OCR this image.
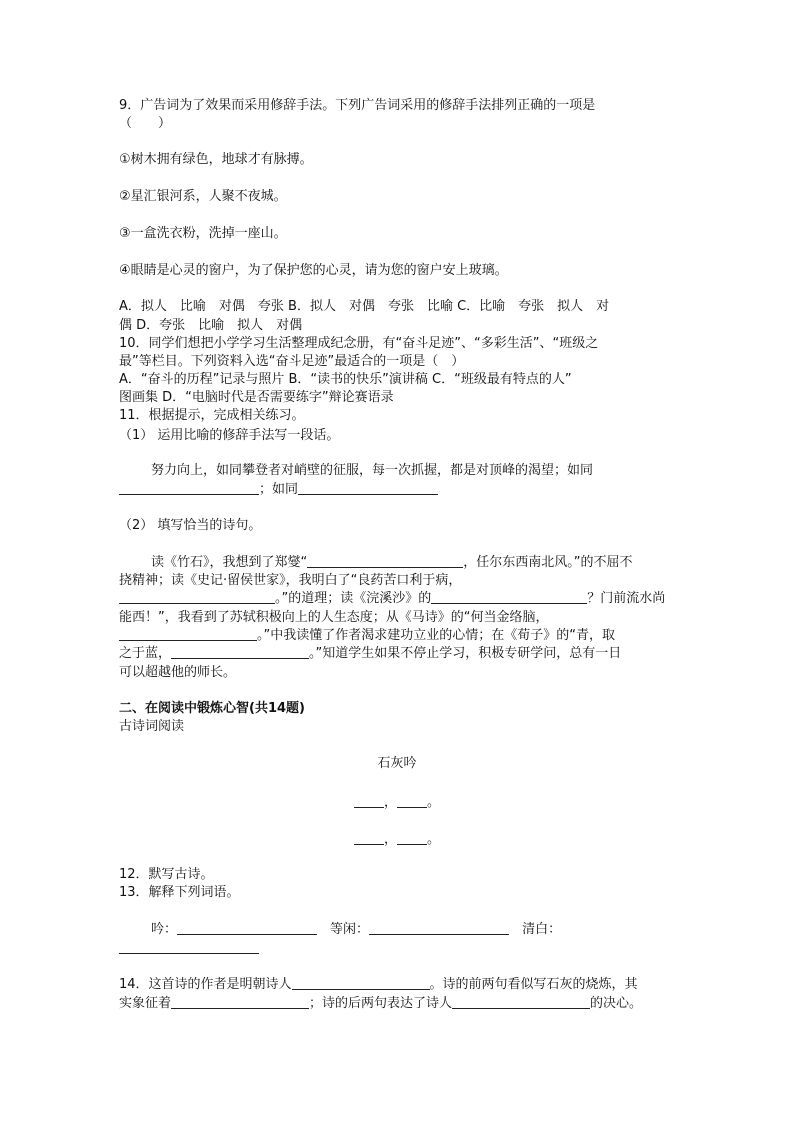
9．广告词为了效果而采用修辞手法。下列广告词采用的修辞手法排列正确的一项是
（　　）
①树木拥有绿色，地球才有脉搏。
②星汇银河系，人聚不夜城。
③一盒洗衣粉，洗掉一座山。
④眼睛是心灵的窗户，为了保护您的心灵，请为您的窗户安上玻璃。
A．拟人　比喻　对偶　夸张 B．拟人　对偶　夸张　比喻 C．比喻　夸张　拟人　对
偶 D．夸张　比喻　拟人　对偶
10．同学们想把小学学习生活整理成纪念册，有“奋斗足迹”、“多彩生活”、“班级之
最”等栏目。下列资料入选“奋斗足迹”最适合的一项是（　）
A．“奋斗的历程”记录与照片 B．“读书的快乐”演讲稿 C．“班级最有特点的人”
图画集 D．“电脑时代是否需要练字”辩论赛语录
11．根据提示，完成相关练习。
（1） 运用比喻的修辞手法写一段话。
努力向上，如同攀登者对峭壁的征服，每一次抓握，都是对顶峰的渴望；如同
；如同
（2） 填写恰当的诗句。
读《竹石》，我想到了郑燮“	，任尔东西南北风。”的不屈不
挠精神；读《史记·留侯世家》，我明白了“良药苦口利于病，
。”的道理；读《浣溪沙》的	？门前流水尚
能西！”，我看到了苏轼积极向上的人生态度；从《马诗》的“何当金络脑，
。”中我读懂了作者渴求建功立业的心情；在《荀子》的“青，取
之于蓝，	。”知道学生如果不停止学习，积极专研学问，总有一日
可以超越他的师长。
二、在阅读中锻炼心智(共14题)
古诗词阅读
石灰吟
， 。
， 。
12．默写古诗。
13．解释下列词语。
吟：　	等闲：　	清白：
14．这首诗的作者是明朝诗人	。诗的前两句看似写石灰的烧炼，其
实象征着	；诗的后两句表达了诗人	的决心。
